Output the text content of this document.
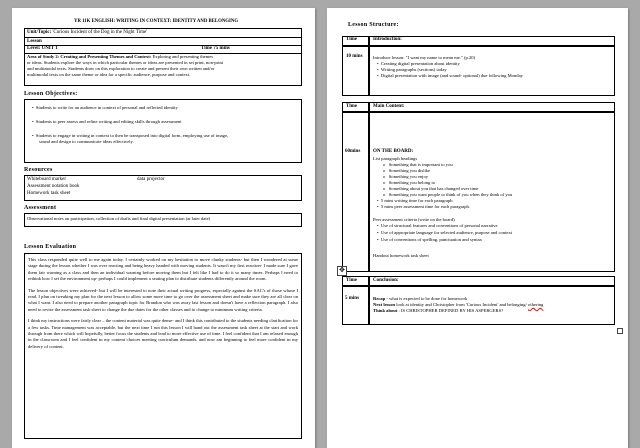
YR 11K ENGLISH: WRITING IN CONTEXT: IDENTITY AND BELONGING
Unit/Topic: 'Curious Incident of the Dog in the Night Time'
Lesson
Level: UNIT 1	Time 75 mins
Area of Study 2: Creating and Presenting Themes and Context: Exploring and presenting themes
or ideas. Students explore the ways in which particular themes or ideas are presented in set print, non-print
and multimodal texts. Students draw on this exploration to create and present their own written and/or
multimodal texts on the same theme or idea for a specific audience, purpose and context.
Lesson Objectives:
•  Students to write for an audience in context of personal and reflected identity
•  Students to peer assess and refine writing and editing skills through assessment
•  Students to engage in writing in context to then be transposed into digital form, employing use of image,
sound and design to communicate ideas effectively.
Resources
Whiteboard marker	data projector
Assessment notation book
Homework task sheet
Assessment
Observational notes on participation, collection of drafts and final digital presentation (at later date)
Lesson Evaluation

This class responded quite well to me again today. I certainly worked on my hesitation to move clunky students- but then I wondered at some stage during the lesson whether I was over reacting and being heavy handed with moving students. It wasn't my first reaction- I made sure I gave them fair warning as a class and then an individual warning before moving them but I felt like I had to do it so many times. Perhaps I need to rethink how I set the environment up- perhaps I could implement a seating plan to distribute students differently around the room.

The lesson objectives were achieved- but I will be interested to note their actual writing progress, especially against the SAC's of those whose I read. I plan on tweaking my plan for the next lesson to allow some more time to go over the assessment sheet and make sure they are all clear on what I want. I also need to prepare another paragraph topic for Brandon who was away last lesson and doesn't have a reflection paragraph. I also need to revise the assessment task sheet to change the due dates for the other classes and to change to minimum writing criteria.

I think my instructions were fairly clear – the content material was quite dense- and I think this contributed to the students needing clarification for a few tasks. Time management was acceptable, but the next time I run this lesson I will hand out the assessment task sheet at the start and work through from there which will hopefully, better focus the students and lead to more effective use of time. I feel confident that I am relaxed enough in the classroom and I feel confident in my content choices meeting curriculum demands, and now am beginning to feel more confident in my delivery of content.

Lesson Structure:
Time	Introduction:
10 mins	Introduce lesson: "I want my name to mean me." (p.20)
•  Creating digital presentation about identity
•  Writing paragraphs (sections) today
•  Digital presentation with image (and sound- optional) due following Monday
Time	Main Content:
60mins	ON THE BOARD:
List paragraph headings
o   Something that is important to you
o   Something you dislike
o   Something you enjoy
o   Something you belong to
o   Something about you that has changed over time
o   Something you want people to think of you when they think of you
•  5 mins writing time for each paragraph
•  5 mins peer assessment time for each paragraph.
Peer assessment criteria (write on the board)
•  Use of structural features and conventions of personal narrative
•  Use of appropriate language for selected audience, purpose and context
•  Use of conventions of spelling, punctuation and syntax
Handout homework task sheet
Time	Conclusion:
5 mins	Recap - what is expected to be done for homework
Next lesson look at identity and Christopher from 'Curious Incident' and belonging/ othering
Think about : IS CHRISTOPHER DEFINED BY HIS ASPERGERS?
✥
